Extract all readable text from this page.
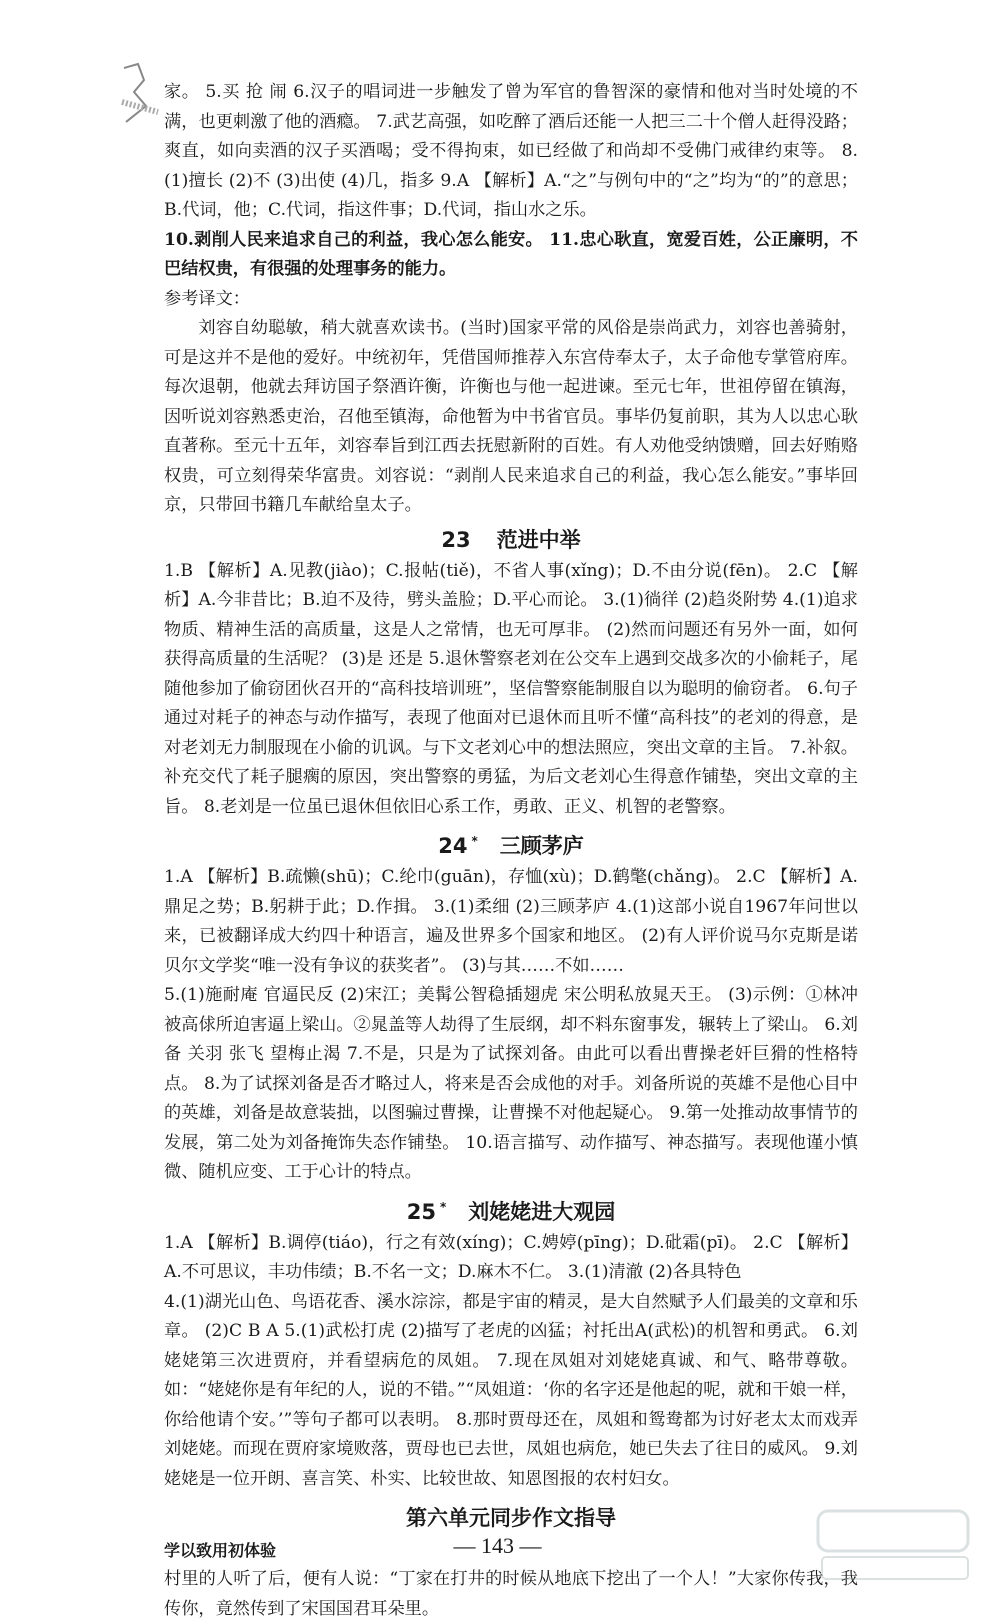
家。 5.买 抢 闹 6.汉子的唱词进一步触发了曾为军官的鲁智深的豪情和他对当时处境的不满，也更刺激了他的酒瘾。 7.武艺高强，如吃醉了酒后还能一人把三二十个僧人赶得没路；爽直，如向卖酒的汉子买酒喝；受不得拘束，如已经做了和尚却不受佛门戒律约束等。 8.(1)擅长 (2)不 (3)出使 (4)几，指多 9.A 【解析】A.“之”与例句中的“之”均为“的”的意思；B.代词，他；C.代词，指这件事；D.代词，指山水之乐。

10.剥削人民来追求自己的利益，我心怎么能安。 11.忠心耿直，宽爱百姓，公正廉明，不巴结权贵，有很强的处理事务的能力。

参考译文：

刘容自幼聪敏，稍大就喜欢读书。(当时)国家平常的风俗是崇尚武力，刘容也善骑射，可是这并不是他的爱好。中统初年，凭借国师推荐入东宫侍奉太子，太子命他专掌管府库。每次退朝，他就去拜访国子祭酒许衡，许衡也与他一起进谏。至元七年，世祖停留在镇海，因听说刘容熟悉吏治，召他至镇海，命他暂为中书省官员。事毕仍复前职，其为人以忠心耿直著称。至元十五年，刘容奉旨到江西去抚慰新附的百姓。有人劝他受纳馈赠，回去好贿赂权贵，可立刻得荣华富贵。刘容说：“剥削人民来追求自己的利益，我心怎么能安。”事毕回京，只带回书籍几车献给皇太子。

23 范进中举

1.B 【解析】A.见教(jiào)；C.报帖(tiě)，不省人事(xǐng)；D.不由分说(fēn)。 2.C 【解析】A.今非昔比；B.迫不及待，劈头盖脸；D.平心而论。 3.(1)徜徉 (2)趋炎附势 4.(1)追求物质、精神生活的高质量，这是人之常情，也无可厚非。 (2)然而问题还有另外一面，如何获得高质量的生活呢？ (3)是 还是 5.退休警察老刘在公交车上遇到交战多次的小偷耗子，尾随他参加了偷窃团伙召开的“高科技培训班”，坚信警察能制服自以为聪明的偷窃者。 6.句子通过对耗子的神态与动作描写，表现了他面对已退休而且听不懂“高科技”的老刘的得意，是对老刘无力制服现在小偷的讥讽。与下文老刘心中的想法照应，突出文章的主旨。 7.补叙。补充交代了耗子腿瘸的原因，突出警察的勇猛，为后文老刘心生得意作铺垫，突出文章的主旨。 8.老刘是一位虽已退休但依旧心系工作，勇敢、正义、机智的老警察。

24 * 三顾茅庐

1.A 【解析】B.疏懒(shū)；C.纶巾(guān)，存恤(xù)；D.鹤氅(chǎng)。 2.C 【解析】A.鼎足之势；B.躬耕于此；D.作揖。 3.(1)柔细 (2)三顾茅庐 4.(1)这部小说自1967年问世以来，已被翻译成大约四十种语言，遍及世界多个国家和地区。 (2)有人评价说马尔克斯是诺贝尔文学奖“唯一没有争议的获奖者”。 (3)与其……不如……

5.(1)施耐庵 官逼民反 (2)宋江；美髯公智稳插翅虎 宋公明私放晁天王。 (3)示例：①林冲被高俅所迫害逼上梁山。②晁盖等人劫得了生辰纲，却不料东窗事发，辗转上了梁山。 6.刘备 关羽 张飞 望梅止渴 7.不是，只是为了试探刘备。由此可以看出曹操老奸巨猾的性格特点。 8.为了试探刘备是否才略过人，将来是否会成他的对手。刘备所说的英雄不是他心目中的英雄，刘备是故意装拙，以图骗过曹操，让曹操不对他起疑心。 9.第一处推动故事情节的发展，第二处为刘备掩饰失态作铺垫。 10.语言描写、动作描写、神态描写。表现他谨小慎微、随机应变、工于心计的特点。

25 * 刘姥姥进大观园

1.A 【解析】B.调停(tiáo)，行之有效(xíng)；C.娉婷(pīng)；D.砒霜(pī)。 2.C 【解析】A.不可思议，丰功伟绩；B.不名一文；D.麻木不仁。 3.(1)清澈 (2)各具特色

4.(1)湖光山色、鸟语花香、溪水淙淙，都是宇宙的精灵，是大自然赋予人们最美的文章和乐章。 (2)C B A 5.(1)武松打虎 (2)描写了老虎的凶猛；衬托出A(武松)的机智和勇武。 6.刘姥姥第三次进贾府，并看望病危的凤姐。 7.现在凤姐对刘姥姥真诚、和气、略带尊敬。如：“姥姥你是有年纪的人，说的不错。”“凤姐道：‘你的名字还是他起的呢，就和干娘一样，你给他请个安。’”等句子都可以表明。 8.那时贾母还在，凤姐和鸳鸯都为讨好老太太而戏弄刘姥姥。而现在贾府家境败落，贾母也已去世，凤姐也病危，她已失去了往日的威风。 9.刘姥姥是一位开朗、喜言笑、朴实、比较世故、知恩图报的农村妇女。

第六单元同步作文指导
学以致用初体验

村里的人听了后，便有人说：“丁家在打井的时候从地底下挖出了一个人！”大家你传我，我传你，竟然传到了宋国国君耳朵里。

— 143 —
